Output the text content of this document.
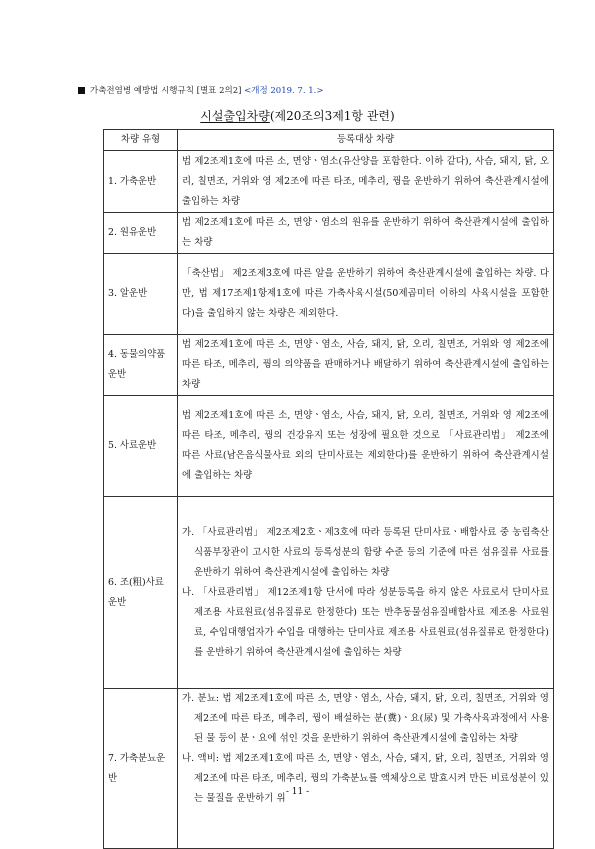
가축전염병 예방법 시행규칙 [별표 2의2] <개정 2019. 7. 1.>
시설출입차량(제20조의3제1항 관련)
차량 유형	등록대상 차량
1. 가축운반	법 제2조제1호에 따른 소, 면양ㆍ염소(유산양을 포함한다. 이하 같다), 사슴, 돼지, 닭, 오리, 칠면조, 거위와 영 제2조에 따른 타조, 메추리, 꿩을 운반하기 위하여 축산관계시설에 출입하는 차량
2. 원유운반	법 제2조제1호에 따른 소, 면양ㆍ염소의 원유를 운반하기 위하여 축산관계시설에 출입하는 차량
3. 알운반	「축산법」 제2조제3호에 따른 알을 운반하기 위하여 축산관계시설에 출입하는 차량. 다만, 법 제17조제1항제1호에 따른 가축사육시설(50제곱미터 이하의 사육시설을 포함한다)을 출입하지 않는 차량은 제외한다.
4. 동물의약품운반	법 제2조제1호에 따른 소, 면양ㆍ염소, 사슴, 돼지, 닭, 오리, 칠면조, 거위와 영 제2조에 따른 타조, 메추리, 꿩의 의약품을 판매하거나 배달하기 위하여 축산관계시설에 출입하는 차량
5. 사료운반	법 제2조제1호에 따른 소, 면양ㆍ염소, 사슴, 돼지, 닭, 오리, 칠면조, 거위와 영 제2조에 따른 타조, 메추리, 꿩의 건강유지 또는 성장에 필요한 것으로 「사료관리법」 제2조에 따른 사료(남은음식물사료 외의 단미사료는 제외한다)를 운반하기 위하여 축산관계시설에 출입하는 차량
6. 조(粗)사료 운반	가. 「사료관리법」 제2조제2호ㆍ제3호에 따라 등록된 단미사료ㆍ배합사료 중 농림축산식품부장관이 고시한 사료의 등록성분의 함량 수준 등의 기준에 따른 섬유질류 사료를 운반하기 위하여 축산관계시설에 출입하는 차량
나. 「사료관리법」 제12조제1항 단서에 따라 성분등록을 하지 않은 사료로서 단미사료 제조용 사료원료(섬유질류로 한정한다) 또는 반추동물섬유질배합사료 제조용 사료원료, 수입대행업자가 수입을 대행하는 단미사료 제조용 사료원료(섬유질류로 한정한다)를 운반하기 위하여 축산관계시설에 출입하는 차량

7. 가축분뇨운반	가. 분뇨: 법 제2조제1호에 따른 소, 면양ㆍ염소, 사슴, 돼지, 닭, 오리, 칠면조, 거위와 영 제2조에 따른 타조, 메추리, 꿩이 배설하는 분(糞)ㆍ요(尿) 및 가축사육과정에서 사용된 물 등이 분ㆍ요에 섞인 것을 운반하기 위하여 축산관계시설에 출입하는 차량
나. 액비: 법 제2조제1호에 따른 소, 면양ㆍ염소, 사슴, 돼지, 닭, 오리, 칠면조, 거위와 영 제2조에 따른 타조, 메추리, 꿩의 가축분뇨를 액체상으로 발효시켜 만든 비료성분이 있는 물질을 운반하기 위
- 11 -
